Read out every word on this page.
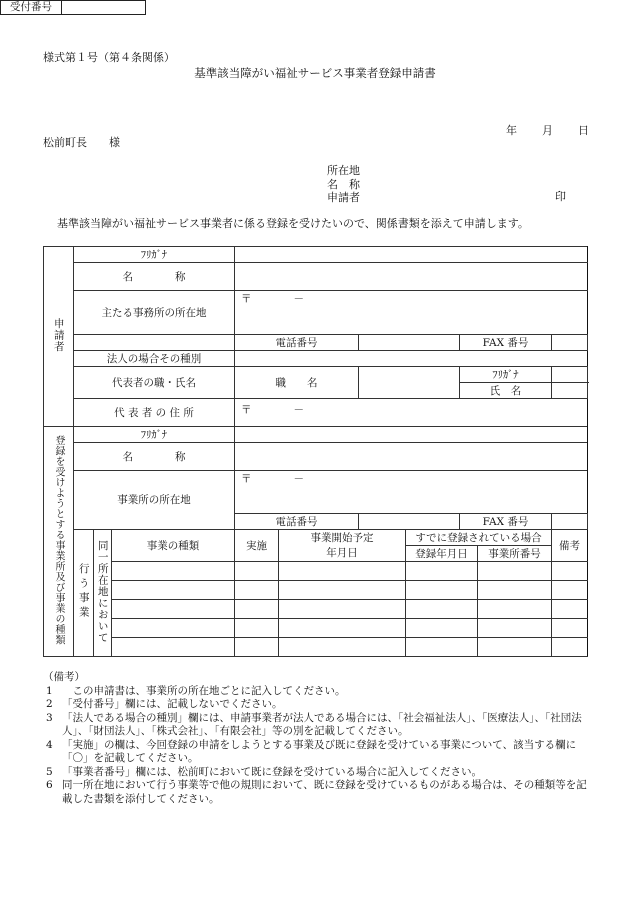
様式第１号（第４条関係）
基準該当障がい福祉サービス事業者登録申請書
受付番号
年 月 日
松前町長　　様
所在地
名　称
申請者	印
基準該当障がい福祉サービス事業者に係る登録を受けたいので、関係書類を添えて申請します。
申請者	ﾌﾘｶﾞﾅ									
	名　　　　称									
	主たる事務所の所在地			〒　　　　－						

				電話番号				FAX 番号		
	法人の場合その種別									
	代表者の職・氏名			職　　名				ﾌﾘｶﾞﾅ		
								氏　名		
	代 表 者 の 住 所			〒　　　　－						
登録を受けようとする事業所及び事業の種類	ﾌﾘｶﾞﾅ									
	名　　　　称									
	事業所の所在地			〒　　　　－						

				電話番号				FAX 番号		
	行う事業	同一所在地において	事業の種類	実施	事業開始予定
年月日		すでに登録されている場合			備考
							登録年月日		事業所番号	

（備考）
1 　この申請書は、事業所の所在地ごとに記入してください。
2 「受付番号」欄には、記載しないでください。
3 「法人である場合の種別」欄には、申請事業者が法人である場合には、「社会福祉法人」、「医療法人」、「社団法人」、「財団法人」、「株式会社」、「有限会社」等の別を記載してください。
4 「実施」の欄は、今回登録の申請をしようとする事業及び既に登録を受けている事業について、該当する欄に「〇」を記載してください。
5 「事業者番号」欄には、松前町において既に登録を受けている場合に記入してください。
6 同一所在地において行う事業等で他の規則において、既に登録を受けているものがある場合は、その種類等を記載した書類を添付してください。
